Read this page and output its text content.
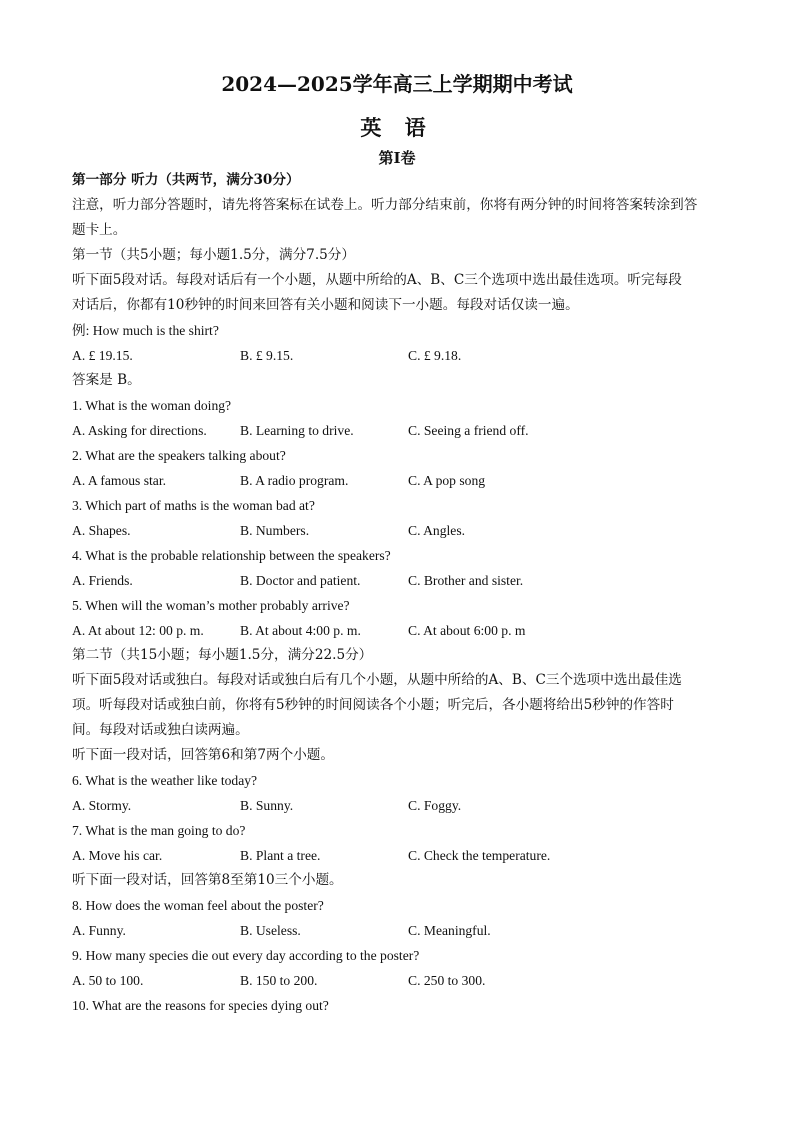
2024—2025学年高三上学期期中考试
英 语
第Ⅰ卷
第一部分 听力（共两节，满分30分）
注意，听力部分答题时，请先将答案标在试卷上。听力部分结束前，你将有两分钟的时间将答案转涂到答
题卡上。
第一节（共5小题；每小题1.5分，满分7.5分）
听下面5段对话。每段对话后有一个小题，从题中所给的A、B、C三个选项中选出最佳选项。听完每段
对话后，你都有10秒钟的时间来回答有关小题和阅读下一小题。每段对话仅读一遍。
例: How much is the shirt?
A. £ 19.15.	B. £ 9.15.	C. £ 9.18.
答案是 B。
1. What is the woman doing?
A. Asking for directions. B. Learning to drive.	C. Seeing a friend off.
2. What are the speakers talking about?
A. A famous star.	B. A radio program.	C. A pop song
3. Which part of maths is the woman bad at?
A. Shapes.	B. Numbers.	C. Angles.
4. What is the probable relationship between the speakers?
A. Friends.	B. Doctor and patient.	C. Brother and sister.
5. When will the woman’s mother probably arrive?
A. At about 12: 00 p. m.	B. At about 4:00 p. m.	C. At about 6:00 p. m
第二节（共15小题；每小题1.5分，满分22.5分）
听下面5段对话或独白。每段对话或独白后有几个小题，从题中所给的A、B、C三个选项中选出最佳选
项。听每段对话或独白前，你将有5秒钟的时间阅读各个小题；听完后，各小题将给出5秒钟的作答时
间。每段对话或独白读两遍。
听下面一段对话，回答第6和第7两个小题。
6. What is the weather like today?
A. Stormy.	B. Sunny.	C. Foggy.
7. What is the man going to do?
A. Move his car.	B. Plant a tree.	C. Check the temperature.
听下面一段对话，回答第8至第10三个小题。
8. How does the woman feel about the poster?
A. Funny.	B. Useless.	C. Meaningful.
9. How many species die out every day according to the poster?
A. 50 to 100.	B. 150 to 200.	C. 250 to 300.
10. What are the reasons for species dying out?
